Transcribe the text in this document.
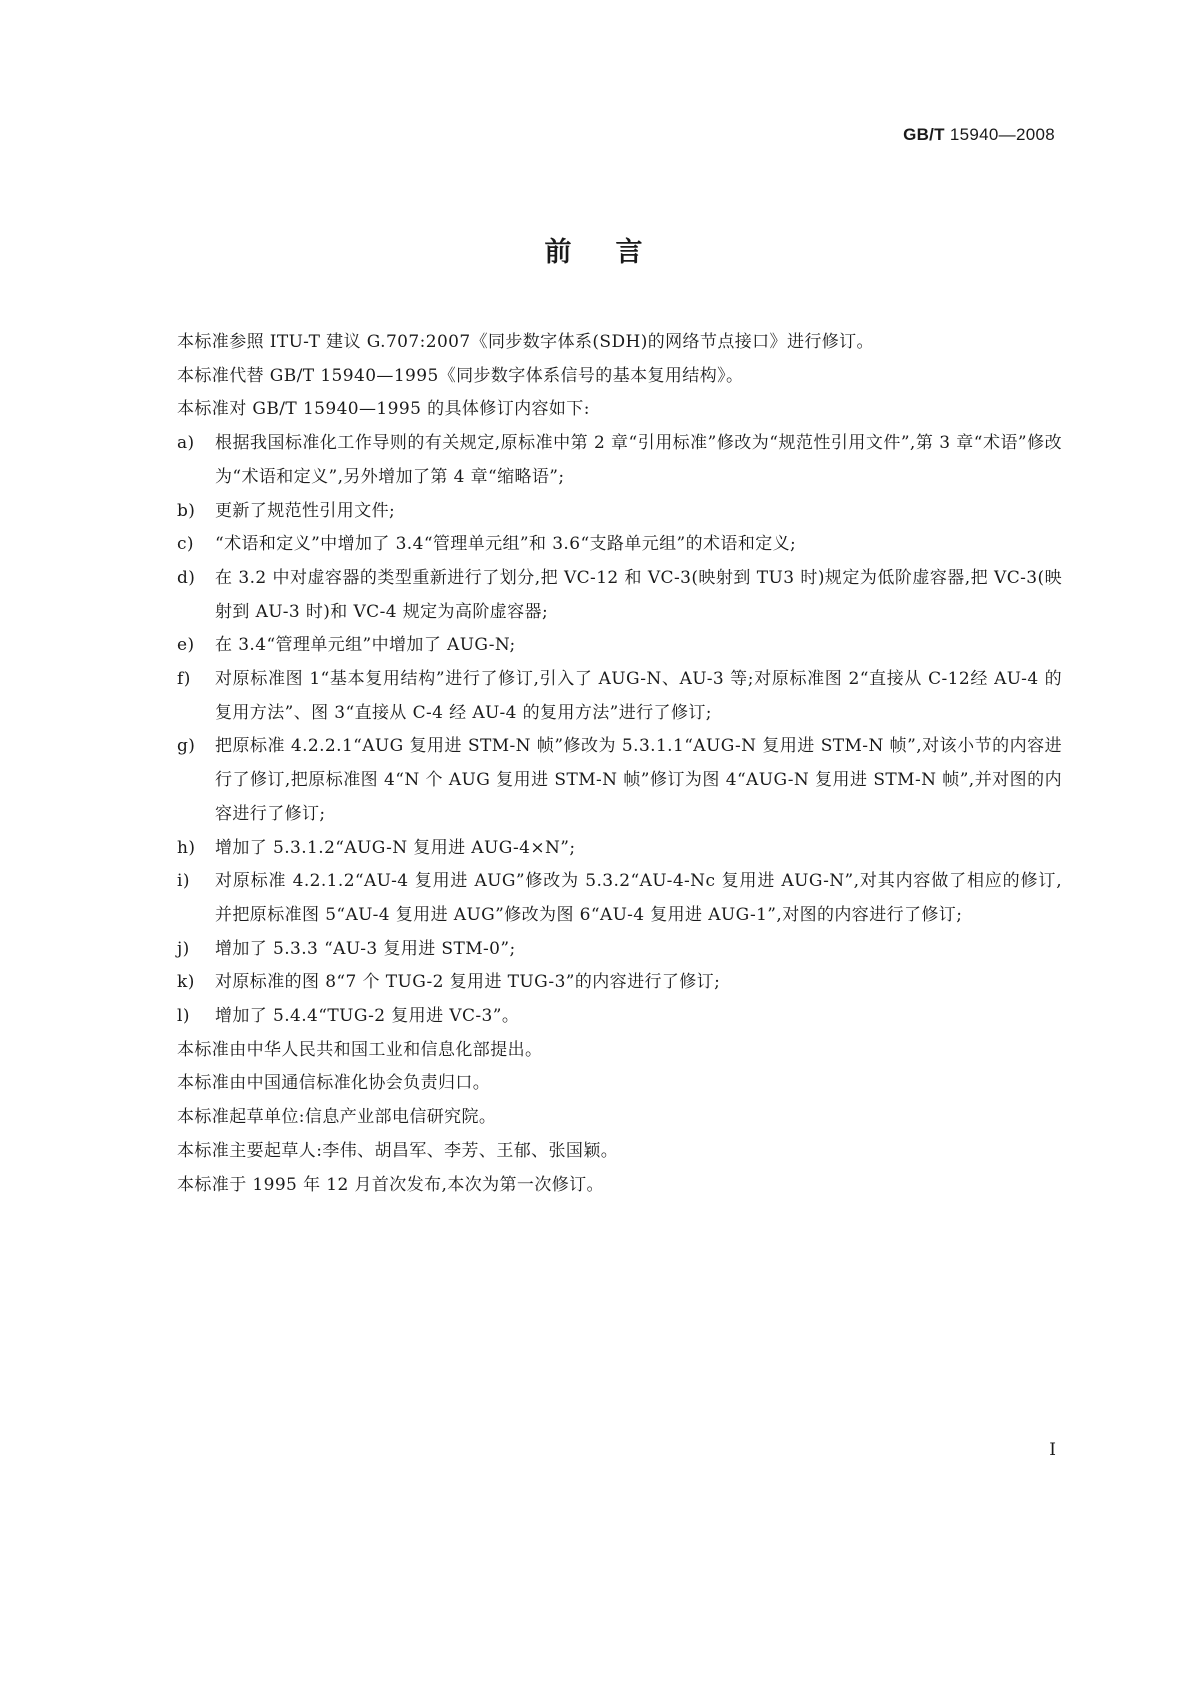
GB/T 15940—2008
前言

本标准参照 ITU-T 建议 G.707:2007《同步数字体系(SDH)的网络节点接口》进行修订。

本标准代替 GB/T 15940—1995《同步数字体系信号的基本复用结构》。

本标准对 GB/T 15940—1995 的具体修订内容如下:

a)	根据我国标准化工作导则的有关规定,原标准中第 2 章“引用标准”修改为“规范性引用文件”,第 3 章“术语”修改为“术语和定义”,另外增加了第 4 章“缩略语”;
b)	更新了规范性引用文件;
c)	“术语和定义”中增加了 3.4“管理单元组”和 3.6“支路单元组”的术语和定义;
d)	在 3.2 中对虚容器的类型重新进行了划分,把 VC-12 和 VC-3(映射到 TU3 时)规定为低阶虚容器,把 VC-3(映射到 AU-3 时)和 VC-4 规定为高阶虚容器;
e)	在 3.4“管理单元组”中增加了 AUG-N;
f)	对原标准图 1“基本复用结构”进行了修订,引入了 AUG-N、AU-3 等;对原标准图 2“直接从 C-12经 AU-4 的复用方法”、图 3“直接从 C-4 经 AU-4 的复用方法”进行了修订;
g)	把原标准 4.2.2.1“AUG 复用进 STM-N 帧”修改为 5.3.1.1“AUG-N 复用进 STM-N 帧”,对该小节的内容进行了修订,把原标准图 4“N 个 AUG 复用进 STM-N 帧”修订为图 4“AUG-N 复用进 STM-N 帧”,并对图的内容进行了修订;
h)	增加了 5.3.1.2“AUG-N 复用进 AUG-4×N”;
i)	对原标准 4.2.1.2“AU-4 复用进 AUG”修改为 5.3.2“AU-4-Nc 复用进 AUG-N”,对其内容做了相应的修订,并把原标准图 5“AU-4 复用进 AUG”修改为图 6“AU-4 复用进 AUG-1”,对图的内容进行了修订;
j)	增加了 5.3.3 “AU-3 复用进 STM-0”;
k)	对原标准的图 8“7 个 TUG-2 复用进 TUG-3”的内容进行了修订;
l)	增加了 5.4.4“TUG-2 复用进 VC-3”。

本标准由中华人民共和国工业和信息化部提出。

本标准由中国通信标准化协会负责归口。

本标准起草单位:信息产业部电信研究院。

本标准主要起草人:李伟、胡昌军、李芳、王郁、张国颖。

本标准于 1995 年 12 月首次发布,本次为第一次修订。

I
